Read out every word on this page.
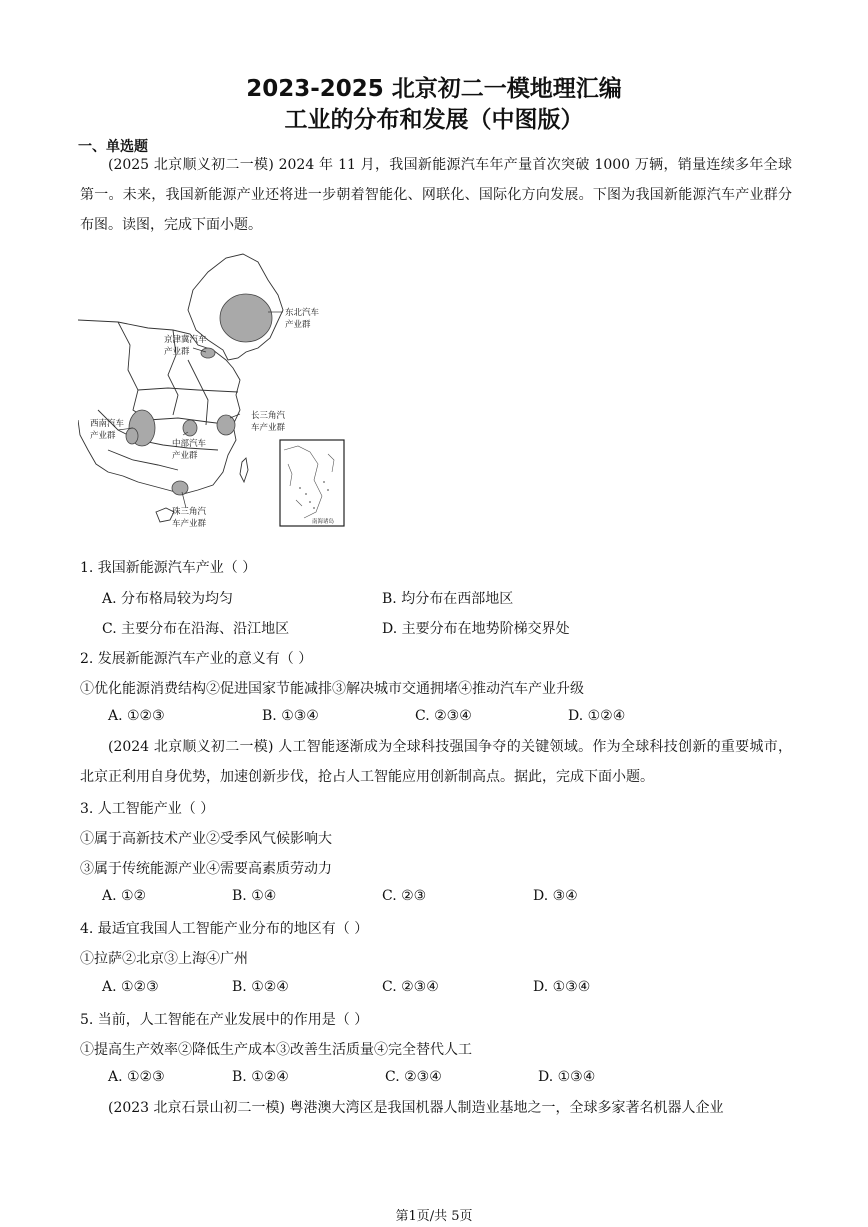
2023-2025 北京初二一模地理汇编
工业的分布和发展（中图版）
一、单选题
(2025 北京顺义初二一模) 2024 年 11 月，我国新能源汽车年产量首次突破 1000 万辆，销量连续多年全球第一。未来，我国新能源产业还将进一步朝着智能化、网联化、国际化方向发展。下图为我国新能源汽车产业群分布图。读图，完成下面小题。
东北汽车
产业群
京津冀汽车
产业群
西南汽车
产业群
中部汽车
产业群
长三角汽
车产业群
珠三角汽
车产业群	南海诸岛
1. 我国新能源汽车产业（ ）
A. 分布格局较为均匀	B. 均分布在西部地区
C. 主要分布在沿海、沿江地区	D. 主要分布在地势阶梯交界处
2. 发展新能源汽车产业的意义有（ ）
①优化能源消费结构②促进国家节能减排③解决城市交通拥堵④推动汽车产业升级
A. ①②③	B. ①③④	C. ②③④	D. ①②④
(2024 北京顺义初二一模) 人工智能逐渐成为全球科技强国争夺的关键领域。作为全球科技创新的重要城市，北京正利用自身优势，加速创新步伐，抢占人工智能应用创新制高点。据此，完成下面小题。
3. 人工智能产业（ ）
①属于高新技术产业②受季风气候影响大
③属于传统能源产业④需要高素质劳动力
A. ①②	B. ①④	C. ②③	D. ③④
4. 最适宜我国人工智能产业分布的地区有（ ）
①拉萨②北京③上海④广州
A. ①②③	B. ①②④	C. ②③④	D. ①③④
5. 当前，人工智能在产业发展中的作用是（ ）
①提高生产效率②降低生产成本③改善生活质量④完全替代人工
A. ①②③	B. ①②④	C. ②③④	D. ①③④
(2023 北京石景山初二一模) 粤港澳大湾区是我国机器人制造业基地之一，全球多家著名机器人企业
第1页/共 5页
